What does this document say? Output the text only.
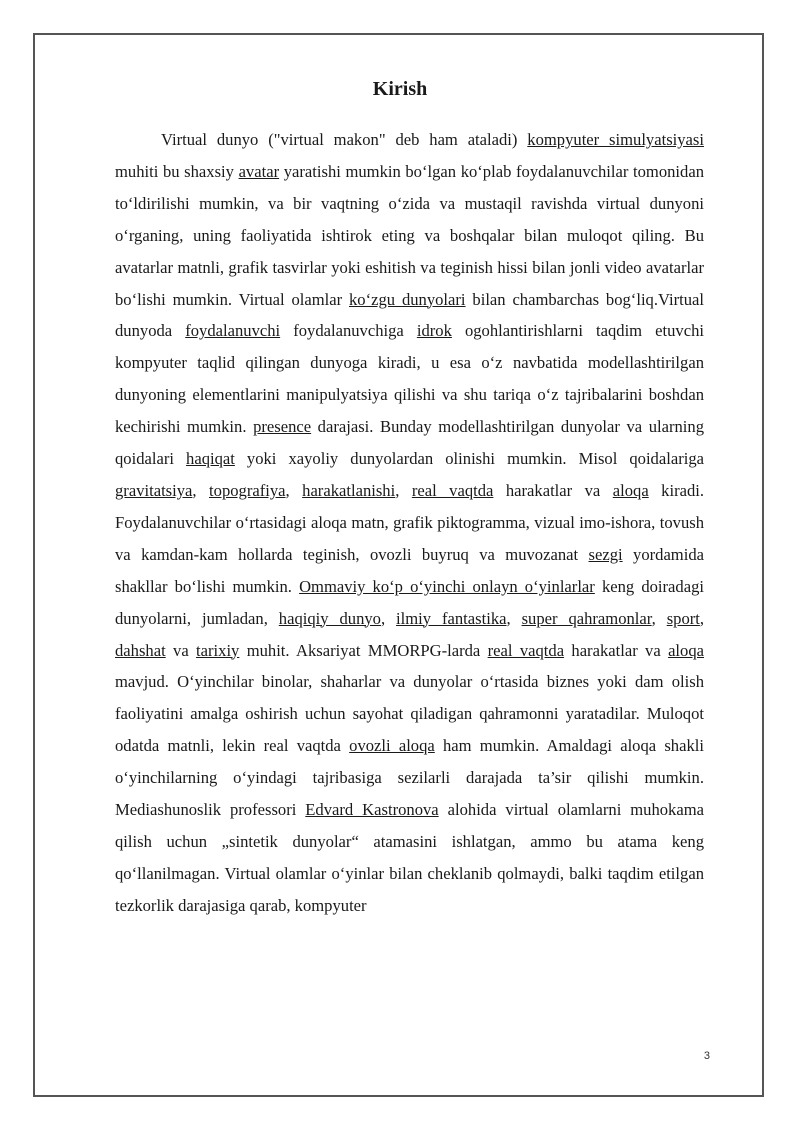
Kirish

Virtual dunyo ("virtual makon" deb ham ataladi) kompyuter simulyatsiyasi muhiti bu shaxsiy avatar yaratishi mumkin bo‘lgan ko‘plab foydalanuvchilar tomonidan to‘ldirilishi mumkin, va bir vaqtning o‘zida va mustaqil ravishda virtual dunyoni o‘rganing, uning faoliyatida ishtirok eting va boshqalar bilan muloqot qiling. Bu avatarlar matnli, grafik tasvirlar yoki eshitish va teginish hissi bilan jonli video avatarlar bo‘lishi mumkin. Virtual olamlar ko‘zgu dunyolari bilan chambarchas bog‘liq.Virtual dunyoda foydalanuvchi foydalanuvchiga idrok ogohlantirishlarni taqdim etuvchi kompyuter taqlid qilingan dunyoga kiradi, u esa o‘z navbatida modellashtirilgan dunyoning elementlarini manipulyatsiya qilishi va shu tariqa o‘z tajribalarini boshdan kechirishi mumkin. presence darajasi. Bunday modellashtirilgan dunyolar va ularning qoidalari haqiqat yoki xayoliy dunyolardan olinishi mumkin. Misol qoidalariga gravitatsiya, topografiya, harakatlanishi, real vaqtda harakatlar va aloqa kiradi. Foydalanuvchilar o‘rtasidagi aloqa matn, grafik piktogramma, vizual imo-ishora, tovush va kamdan-kam hollarda teginish, ovozli buyruq va muvozanat sezgi yordamida shakllar bo‘lishi mumkin. Ommaviy ko‘p o‘yinchi onlayn o‘yinlarlar keng doiradagi dunyolarni, jumladan, haqiqiy dunyo, ilmiy fantastika, super qahramonlar, sport, dahshat va tarixiy muhit. Aksariyat MMORPG-larda real vaqtda harakatlar va aloqa mavjud. O‘yinchilar binolar, shaharlar va dunyolar o‘rtasida biznes yoki dam olish faoliyatini amalga oshirish uchun sayohat qiladigan qahramonni yaratadilar. Muloqot odatda matnli, lekin real vaqtda ovozli aloqa ham mumkin. Amaldagi aloqa shakli o‘yinchilarning o‘yindagi tajribasiga sezilarli darajada ta’sir qilishi mumkin. Mediashunoslik professori Edvard Kastronova alohida virtual olamlarni muhokama qilish uchun „sintetik dunyolar“ atamasini ishlatgan, ammo bu atama keng qo‘llanilmagan. Virtual olamlar o‘yinlar bilan cheklanib qolmaydi, balki taqdim etilgan tezkorlik darajasiga qarab, kompyuter

3
